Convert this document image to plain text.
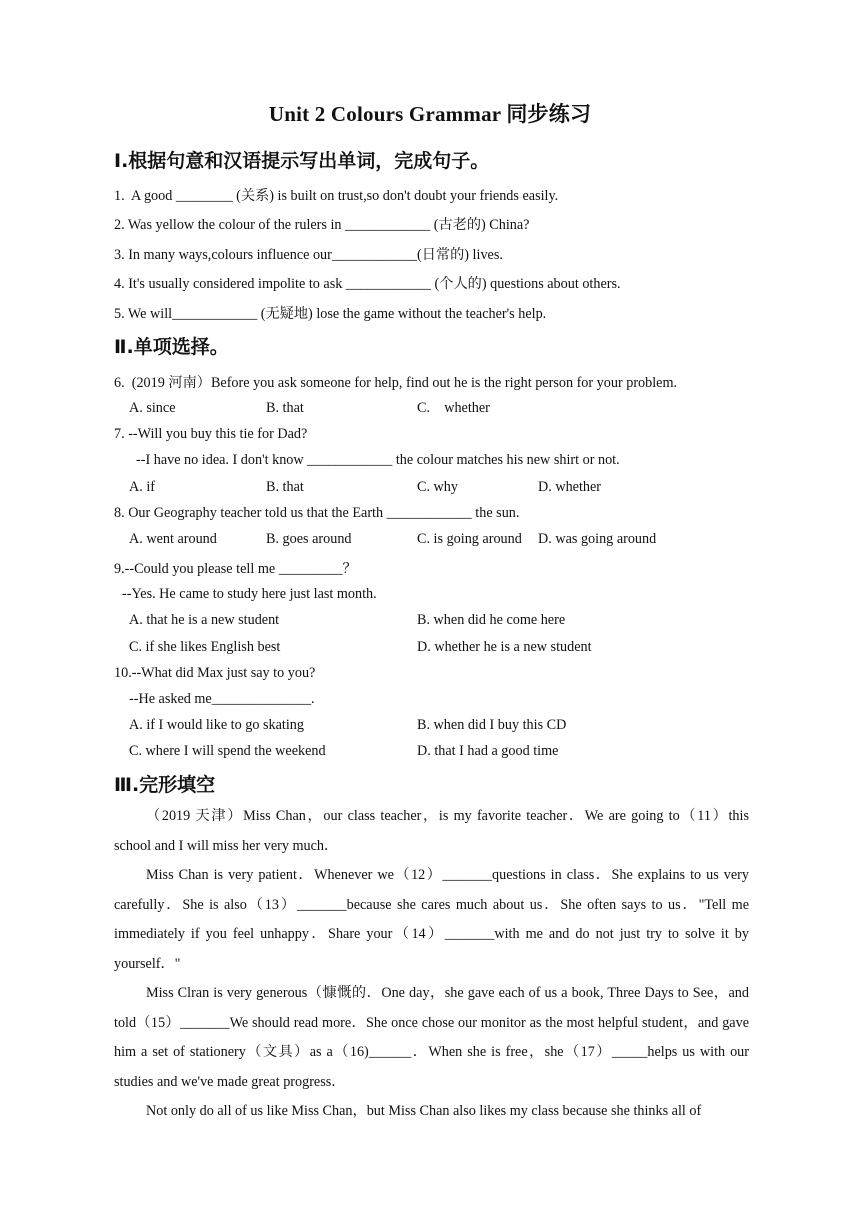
Unit 2 Colours Grammar 同步练习
Ⅰ.根据句意和汉语提示写出单词，完成句子。
1.  A good ________ (关系) is built on trust,so don't doubt your friends easily.
2. Was yellow the colour of the rulers in ____________ (古老的) China?
3. In many ways,colours influence our____________(日常的) lives.
4. It's usually considered impolite to ask ____________ (个人的) questions about others.
5. We will____________ (无疑地) lose the game without the teacher's help.
Ⅱ.单项选择。
6.  (2019 河南）Before you ask someone for help, find out he is the right person for your problem.
A. since	B. that	C.    whether
7. --Will you buy this tie for Dad?
--I have no idea. I don't know ____________ the colour matches his new shirt or not.
A. if	B. that	C. why	D. whether
8. Our Geography teacher told us that the Earth ____________ the sun.
A. went around	B. goes around	C. is going around D. was going around
9.--Could you please tell me _________？
--Yes. He came to study here just last month.
A. that he is a new student	B. when did he come here
C. if she likes English best	D. whether he is a new student
10.--What did Max just say to you?
--He asked me______________.
A. if I would like to go skating	B. when did I buy this CD
C. where I will spend the weekend	D. that I had a good time
Ⅲ.完形填空
（2019 天津）Miss Chan，our class teacher，is my favorite teacher．We are going to（11）this school and I will miss her very much．
Miss Chan is very patient．Whenever we（12）_______questions in class．She explains to us very carefully．She is also（13）_______because she cares much about us．She often says to us．"Tell me immediately if you feel unhappy．Share your（14）_______with me and do not just try to solve it by yourself．"
Miss Clran is very generous（慷慨的．One day，she gave each of us a book, Three Days to See，and told（15）_______We should read more．She once chose our monitor as the most helpful student，and gave him a set of stationery（文具）as a（16)______．When she is free，she（17）_____helps us with our studies and we've made great progress．
Not only do all of us like Miss Chan，but Miss Chan also likes my class because she thinks all of
